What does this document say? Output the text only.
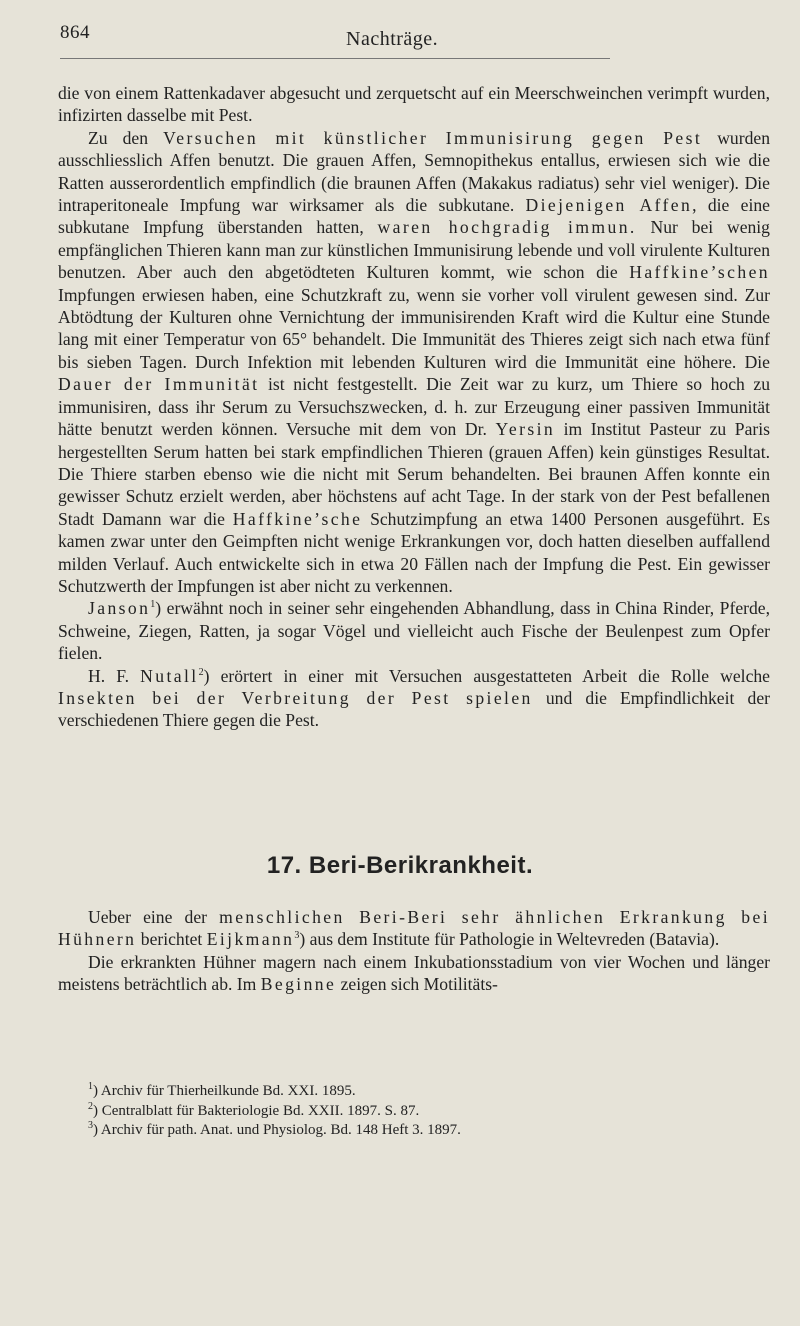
864	Nachträge.

die von einem Rattenkadaver abgesucht und zerquetscht auf ein Meerschweinchen verimpft wurden, infizirten dasselbe mit Pest.

Zu den Versuchen mit künstlicher Immunisirung gegen Pest wurden ausschliesslich Affen benutzt. Die grauen Affen, Semnopithekus entallus, erwiesen sich wie die Ratten ausserordentlich empfindlich (die braunen Affen (Makakus radiatus) sehr viel weniger). Die intraperitoneale Impfung war wirksamer als die subkutane. Diejenigen Affen, die eine subkutane Impfung überstanden hatten, waren hochgradig immun. Nur bei wenig empfänglichen Thieren kann man zur künstlichen Immunisirung lebende und voll virulente Kulturen benutzen. Aber auch den abgetödteten Kulturen kommt, wie schon die Haffkine’schen Impfungen erwiesen haben, eine Schutzkraft zu, wenn sie vorher voll virulent gewesen sind. Zur Abtödtung der Kulturen ohne Vernichtung der immunisirenden Kraft wird die Kultur eine Stunde lang mit einer Temperatur von 65° behandelt. Die Immunität des Thieres zeigt sich nach etwa fünf bis sieben Tagen. Durch Infektion mit lebenden Kulturen wird die Immunität eine höhere. Die Dauer der Immunität ist nicht festgestellt. Die Zeit war zu kurz, um Thiere so hoch zu immunisiren, dass ihr Serum zu Versuchszwecken, d. h. zur Erzeugung einer passiven Immunität hätte benutzt werden können. Versuche mit dem von Dr. Yersin im Institut Pasteur zu Paris hergestellten Serum hatten bei stark empfindlichen Thieren (grauen Affen) kein günstiges Resultat. Die Thiere starben ebenso wie die nicht mit Serum behandelten. Bei braunen Affen konnte ein gewisser Schutz erzielt werden, aber höchstens auf acht Tage. In der stark von der Pest befallenen Stadt Damann war die Haffkine’sche Schutzimpfung an etwa 1400 Personen ausgeführt. Es kamen zwar unter den Geimpften nicht wenige Erkrankungen vor, doch hatten dieselben auffallend milden Verlauf. Auch entwickelte sich in etwa 20 Fällen nach der Impfung die Pest. Ein gewisser Schutzwerth der Impfungen ist aber nicht zu verkennen.

Janson$^1$) erwähnt noch in seiner sehr eingehenden Abhandlung, dass in China Rinder, Pferde, Schweine, Ziegen, Ratten, ja sogar Vögel und vielleicht auch Fische der Beulenpest zum Opfer fielen.

H. F. Nutall$^2$) erörtert in einer mit Versuchen ausgestatteten Arbeit die Rolle welche Insekten bei der Verbreitung der Pest spielen und die Empfindlichkeit der verschiedenen Thiere gegen die Pest.

17. Beri-Berikrankheit.

Ueber eine der menschlichen Beri-Beri sehr ähnlichen Erkrankung bei Hühnern berichtet Eijkmann$^3$) aus dem Institute für Pathologie in Weltevreden (Batavia).

Die erkrankten Hühner magern nach einem Inkubationsstadium von vier Wochen und länger meistens beträchtlich ab. Im Beginne zeigen sich Motilitäts-

$^1$) Archiv für Thierheilkunde Bd. XXI. 1895.
$^2$) Centralblatt für Bakteriologie Bd. XXII. 1897. S. 87.
$^3$) Archiv für path. Anat. und Physiolog. Bd. 148 Heft 3. 1897.
